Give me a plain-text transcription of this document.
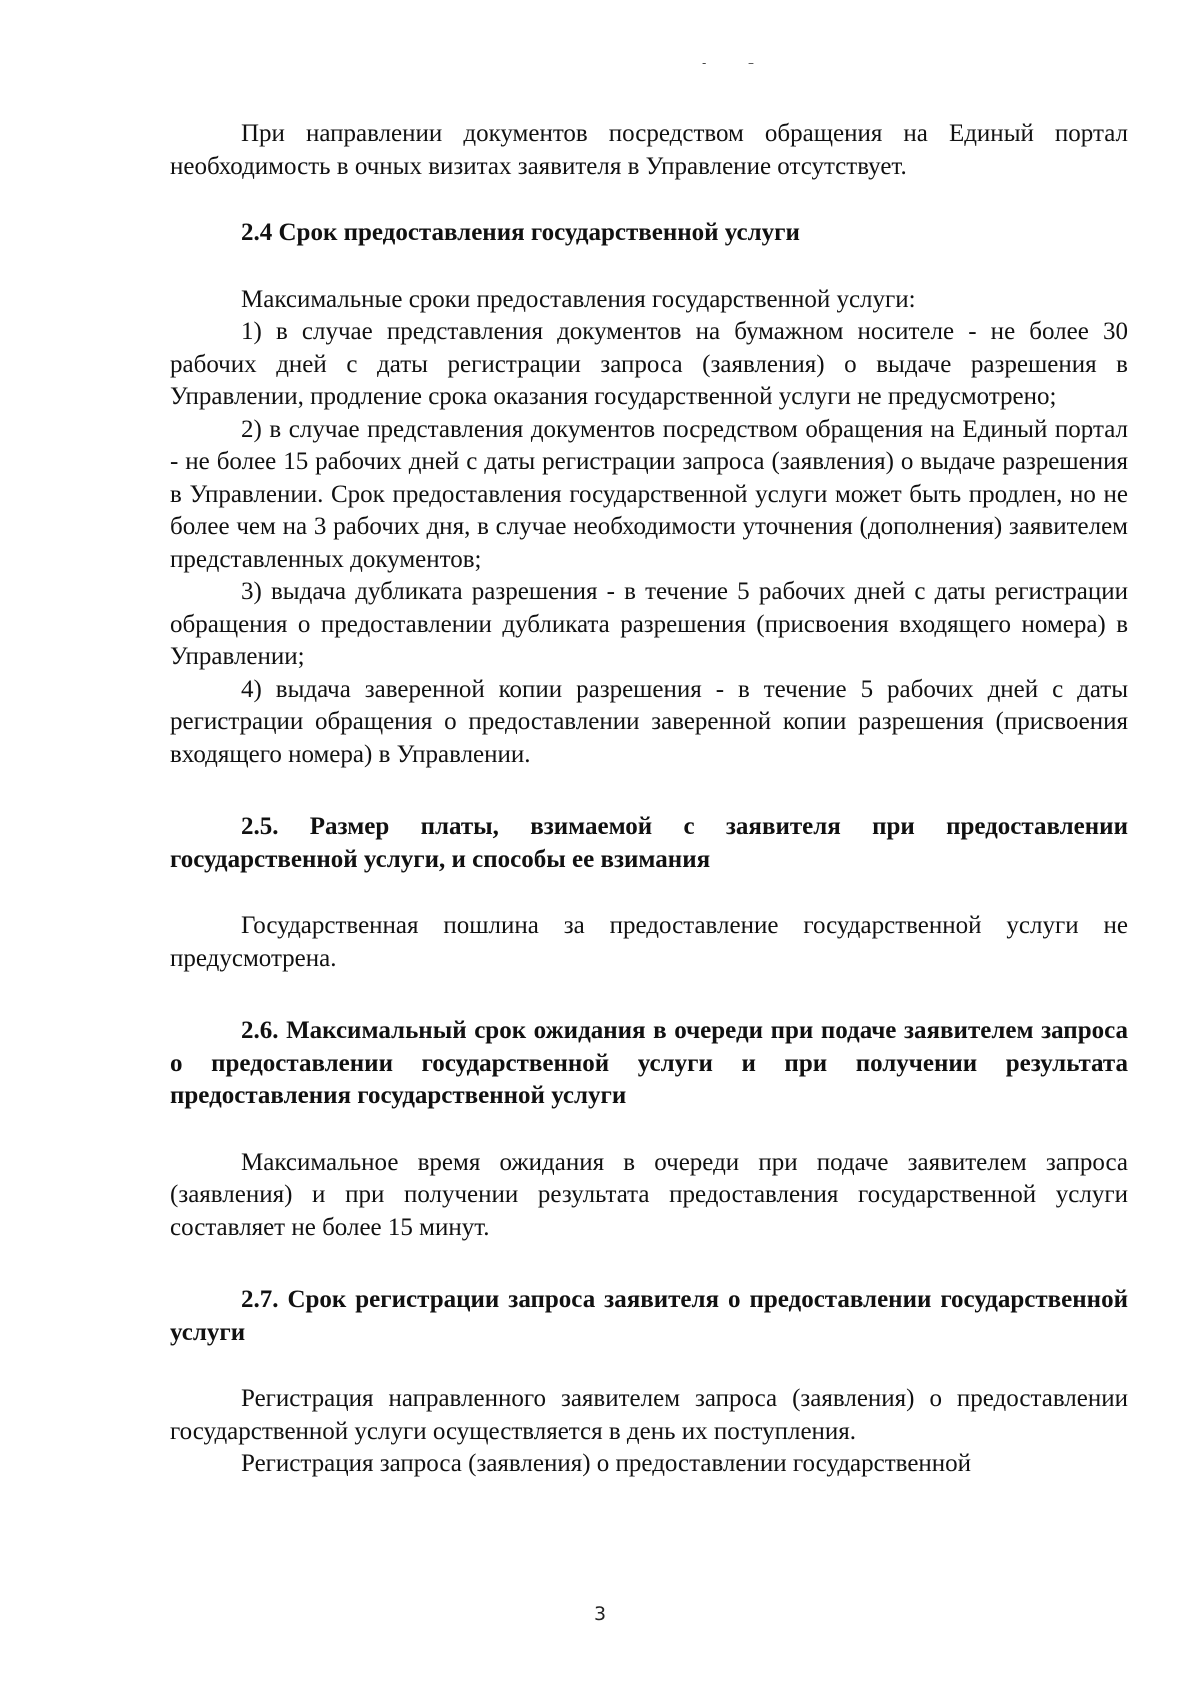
-	–

При направлении документов посредством обращения на Единый портал необходимость в очных визитах заявителя в Управление отсутствует.

2.4 Срок предоставления государственной услуги

Максимальные сроки предоставления государственной услуги:

1) в случае представления документов на бумажном носителе - не более 30 рабочих дней с даты регистрации запроса (заявления) о выдаче разрешения в Управлении, продление срока оказания государственной услуги не предусмотрено;

2) в случае представления документов посредством обращения на Единый портал - не более 15 рабочих дней с даты регистрации запроса (заявления) о выдаче разрешения в Управлении. Срок предоставления государственной услуги может быть продлен, но не более чем на 3 рабочих дня, в случае необходимости уточнения (дополнения) заявителем представленных документов;

3) выдача дубликата разрешения - в течение 5 рабочих дней с даты регистрации обращения о предоставлении дубликата разрешения (присвоения входящего номера) в Управлении;

4) выдача заверенной копии разрешения - в течение 5 рабочих дней с даты регистрации обращения о предоставлении заверенной копии разрешения (присвоения входящего номера) в Управлении.

2.5. Размер платы, взимаемой с заявителя при предоставлении государственной услуги, и способы ее взимания

Государственная пошлина за предоставление государственной услуги не предусмотрена.

2.6. Максимальный срок ожидания в очереди при подаче заявителем запроса о предоставлении государственной услуги и при получении результата предоставления государственной услуги

Максимальное время ожидания в очереди при подаче заявителем запроса (заявления) и при получении результата предоставления государственной услуги составляет не более 15 минут.

2.7. Срок регистрации запроса заявителя о предоставлении государственной услуги

Регистрация направленного заявителем запроса (заявления) о предоставлении государственной услуги осуществляется в день их поступления.

Регистрация запроса (заявления) о предоставлении государственной

3
